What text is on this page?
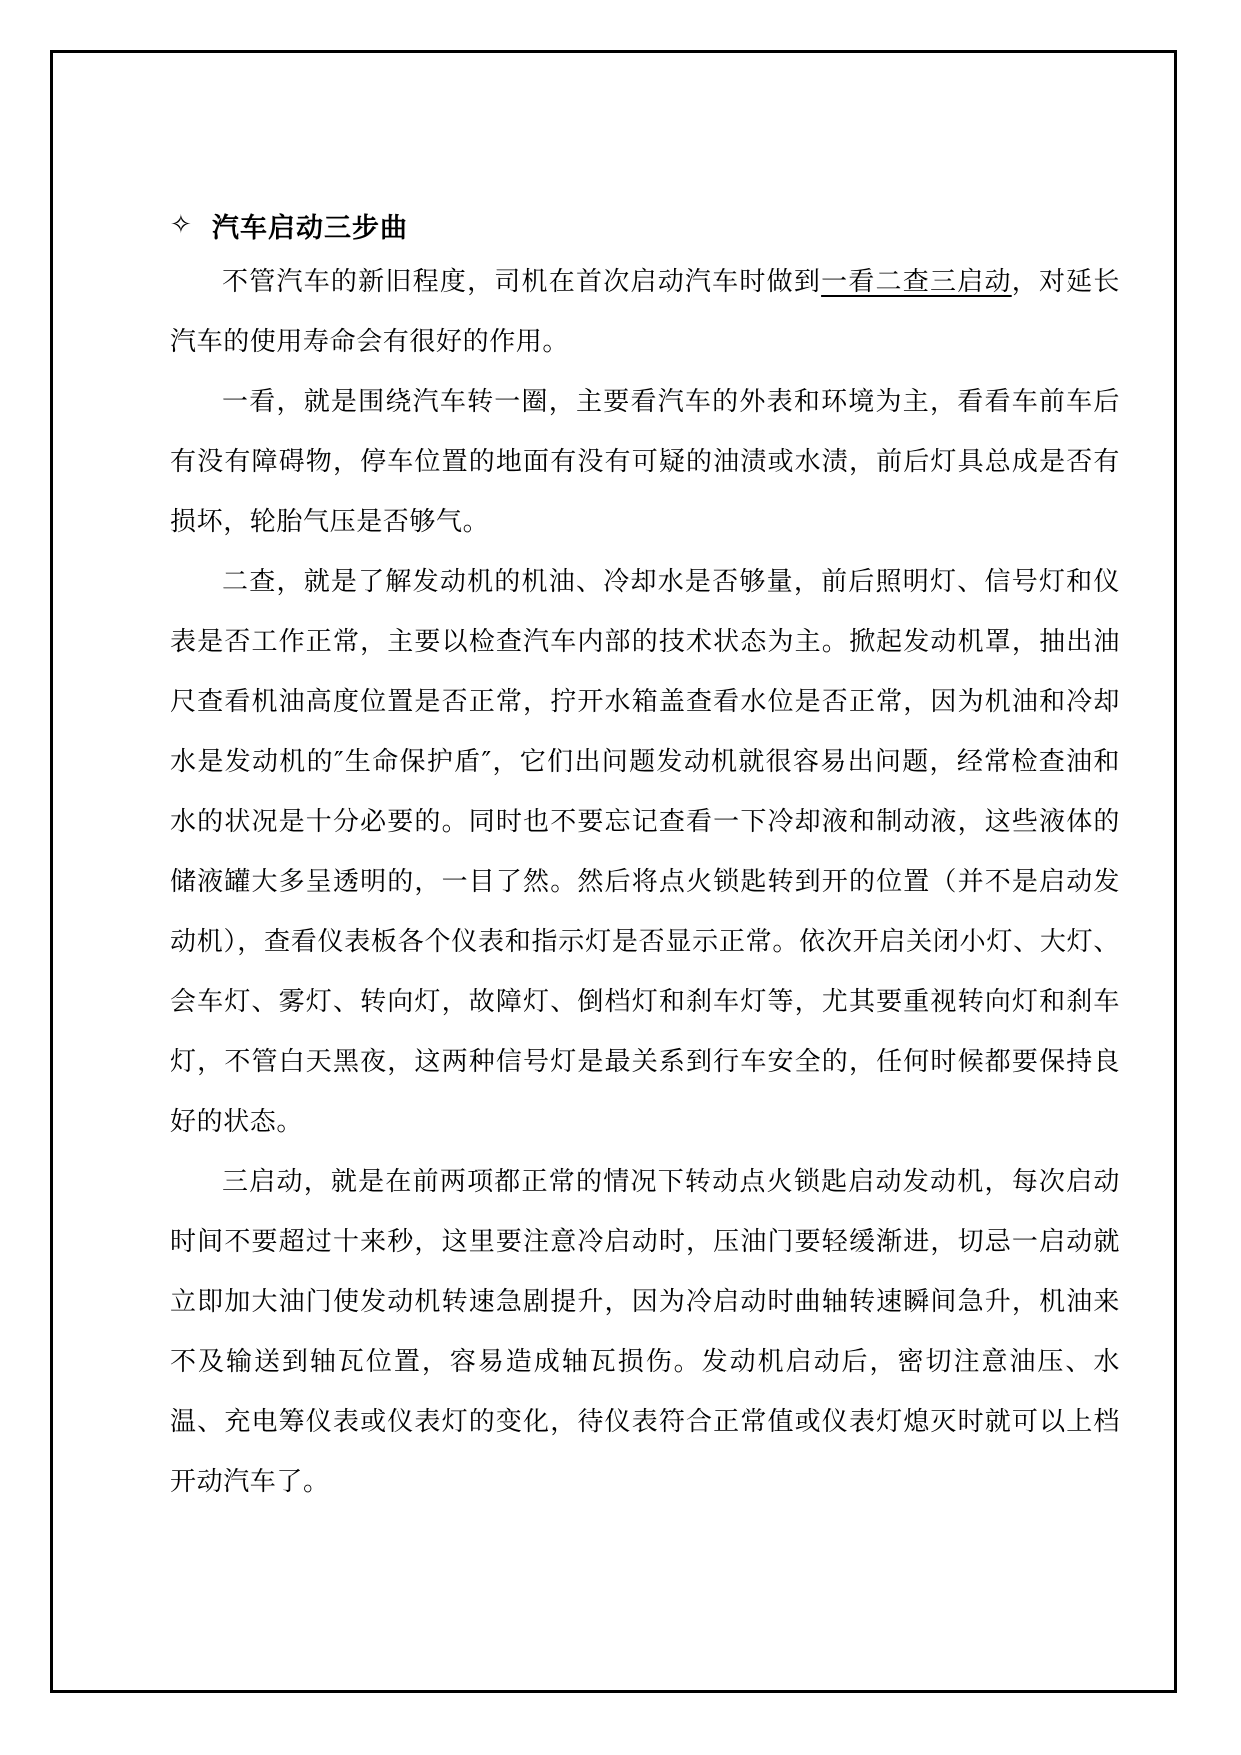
✧ 汽车启动三步曲

不管汽车的新旧程度，司机在首次启动汽车时做到一看二查三启动，对延长汽车的使用寿命会有很好的作用。

一看，就是围绕汽车转一圈，主要看汽车的外表和环境为主，看看车前车后有没有障碍物，停车位置的地面有没有可疑的油渍或水渍，前后灯具总成是否有损坏，轮胎气压是否够气。

二查，就是了解发动机的机油、冷却水是否够量，前后照明灯、信号灯和仪表是否工作正常，主要以检查汽车内部的技术状态为主。掀起发动机罩，抽出油尺查看机油高度位置是否正常，拧开水箱盖查看水位是否正常，因为机油和冷却水是发动机的″生命保护盾″，它们出问题发动机就很容易出问题，经常检查油和水的状况是十分必要的。同时也不要忘记查看一下冷却液和制动液，这些液体的储液罐大多呈透明的，一目了然。然后将点火锁匙转到开的位置（并不是启动发动机），查看仪表板各个仪表和指示灯是否显示正常。依次开启关闭小灯、大灯、会车灯、雾灯、转向灯，故障灯、倒档灯和刹车灯等，尤其要重视转向灯和刹车灯，不管白天黑夜，这两种信号灯是最关系到行车安全的，任何时候都要保持良好的状态。

三启动，就是在前两项都正常的情况下转动点火锁匙启动发动机，每次启动时间不要超过十来秒，这里要注意冷启动时，压油门要轻缓渐进，切忌一启动就立即加大油门使发动机转速急剧提升，因为冷启动时曲轴转速瞬间急升，机油来不及输送到轴瓦位置，容易造成轴瓦损伤。发动机启动后，密切注意油压、水温、充电筹仪表或仪表灯的变化，待仪表符合正常值或仪表灯熄灭时就可以上档开动汽车了。
